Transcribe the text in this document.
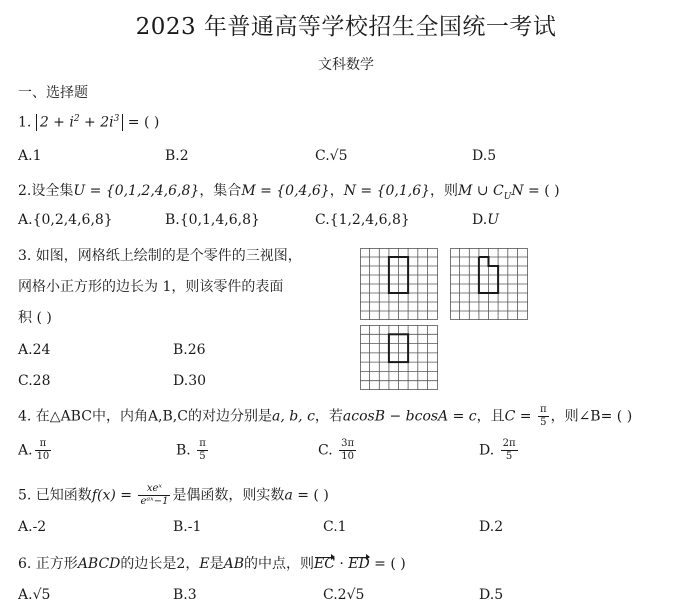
2023 年普通高等学校招生全国统一考试
文科数学
一、选择题
1. $2 + i^2 + 2i^3$ = ( )
A.1	B.2	C.√5	D.5
2.设全集U = {0,1,2,4,6,8}，集合M = {0,4,6}，N = {0,1,6}，则M ∪ $C_UN$ = ( )
A.{0,2,4,6,8}	B.{0,1,4,6,8}	C.{1,2,4,6,8}	D.U
3. 如图，网格纸上绘制的是个零件的三视图，
网格小正方形的边长为 1，则该零件的表面
积 ( )
A.24	B.26
C.28	D.30
4. 在△ABC中，内角A,B,C的对边分别是a, b, c，若acosB − bcosA = c，且$C = \frac{\pi}{5}$ ，则∠B= ( )
A. $\frac{\pi}{10}$	B. $\frac{\pi}{5}$	C. $\frac{3\pi}{10}$	D. $\frac{2\pi}{5}$
5. 已知函数$f(x) = \frac{\text{xeˣ}}{\text{eᵃˣ−1}}$ 是偶函数，则实数a = ( )
A.-2	B.-1	C.1	D.2
6. 正方形ABCD的边长是2，E是AB的中点，则EC · ED = ( )
A.√5	B.3	C.2√5	D.5
